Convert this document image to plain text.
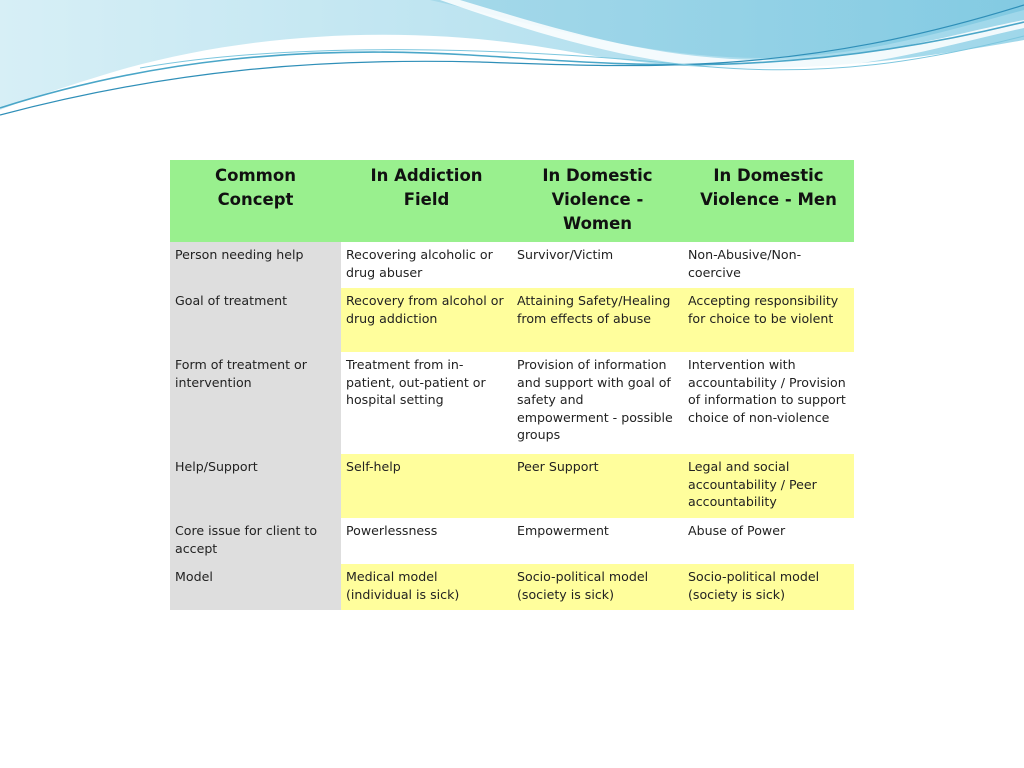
Common Concept	In Addiction Field	In Domestic Violence - Women	In Domestic Violence - Men
Person needing help	Recovering alcoholic or drug abuser	Survivor/Victim	Non-Abusive/Non-coercive
Goal of treatment	Recovery from alcohol or drug addiction	Attaining Safety/Healing from effects of abuse	Accepting responsibility for choice to be violent
Form of treatment or intervention	Treatment from in-patient, out-patient or hospital setting	Provision of information and support with goal of safety and empowerment - possible groups	Intervention with accountability / Provision of information to support choice of non-violence
Help/Support	Self-help	Peer Support	Legal and social accountability / Peer accountability
Core issue for client to accept	Powerlessness	Empowerment	Abuse of Power
Model	Medical model (individual is sick)	Socio-political model (society is sick)	Socio-political model (society is sick)
